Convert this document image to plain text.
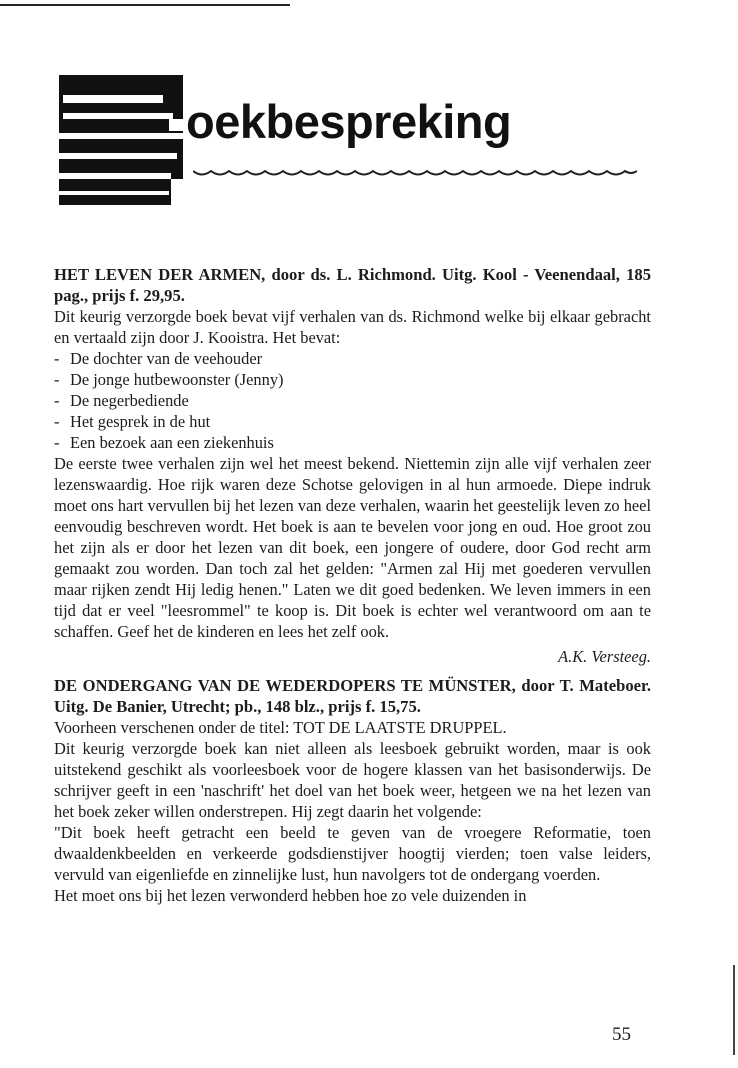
oekbespreking
HET LEVEN DER ARMEN, door ds. L. Richmond. Uitg. Kool - Veenendaal, 185 pag., prijs f. 29,95.
Dit keurig verzorgde boek bevat vijf verhalen van ds. Richmond welke bij elkaar gebracht en vertaald zijn door J. Kooistra. Het bevat:
- De dochter van de veehouder
- De jonge hutbewoonster (Jenny)
- De negerbediende
- Het gesprek in de hut
- Een bezoek aan een ziekenhuis
De eerste twee verhalen zijn wel het meest bekend. Niettemin zijn alle vijf verhalen zeer lezenswaardig. Hoe rijk waren deze Schotse gelovigen in al hun armoede. Diepe indruk moet ons hart vervullen bij het lezen van deze verhalen, waarin het geestelijk leven zo heel eenvoudig beschreven wordt. Het boek is aan te bevelen voor jong en oud. Hoe groot zou het zijn als er door het lezen van dit boek, een jongere of oudere, door God recht arm gemaakt zou worden. Dan toch zal het gelden: "Armen zal Hij met goederen vervullen maar rijken zendt Hij ledig henen." Laten we dit goed bedenken. We leven immers in een tijd dat er veel "leesrommel" te koop is. Dit boek is echter wel verantwoord om aan te schaffen. Geef het de kinderen en lees het zelf ook.
A.K. Versteeg.
DE ONDERGANG VAN DE WEDERDOPERS TE MÜNSTER, door T. Mateboer. Uitg. De Banier, Utrecht; pb., 148 blz., prijs f. 15,75.
Voorheen verschenen onder de titel: TOT DE LAATSTE DRUPPEL.
Dit keurig verzorgde boek kan niet alleen als leesboek gebruikt worden, maar is ook uitstekend geschikt als voorleesboek voor de hogere klassen van het basisonderwijs. De schrijver geeft in een 'naschrift' het doel van het boek weer, hetgeen we na het lezen van het boek zeker willen onderstrepen. Hij zegt daarin het volgende:
"Dit boek heeft getracht een beeld te geven van de vroegere Reformatie, toen dwaaldenkbeelden en verkeerde godsdienstijver hoogtij vierden; toen valse leiders, vervuld van eigenliefde en zinnelijke lust, hun navolgers tot de ondergang voerden.
Het moet ons bij het lezen verwonderd hebben hoe zo vele duizenden in
55
